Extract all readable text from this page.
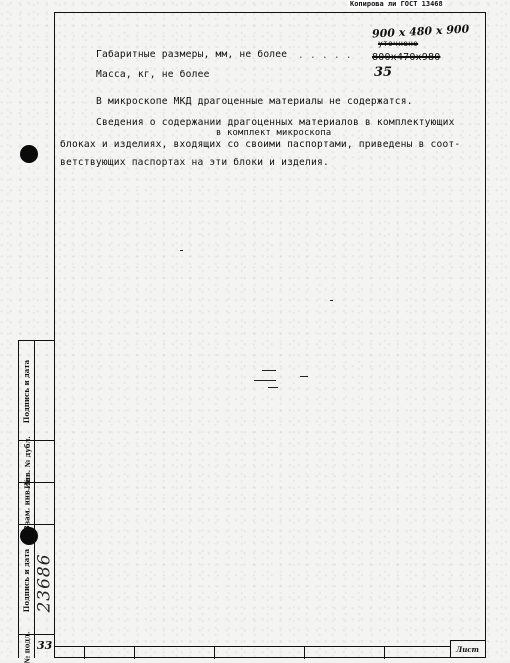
Копирова ли ГОСТ 13468
Габаритные размеры, мм, не более . . . . . 800x470x980
900 x 480 x 900
уточнено
Масса, кг, не более	35
В микроскопе МКД драгоценные материалы не содержатся.
Сведения о содержании драгоценных материалов в комплектующих
в комплект микроскопа
блоках и изделиях, входящих со своими паспортами, приведены в соот-
ветствующих паспортах на эти блоки и изделия.
Подпись и дата
Инв. № дубл.
Взам. инв. №
Подпись и дата 23686
№ подл. 33	Лист
